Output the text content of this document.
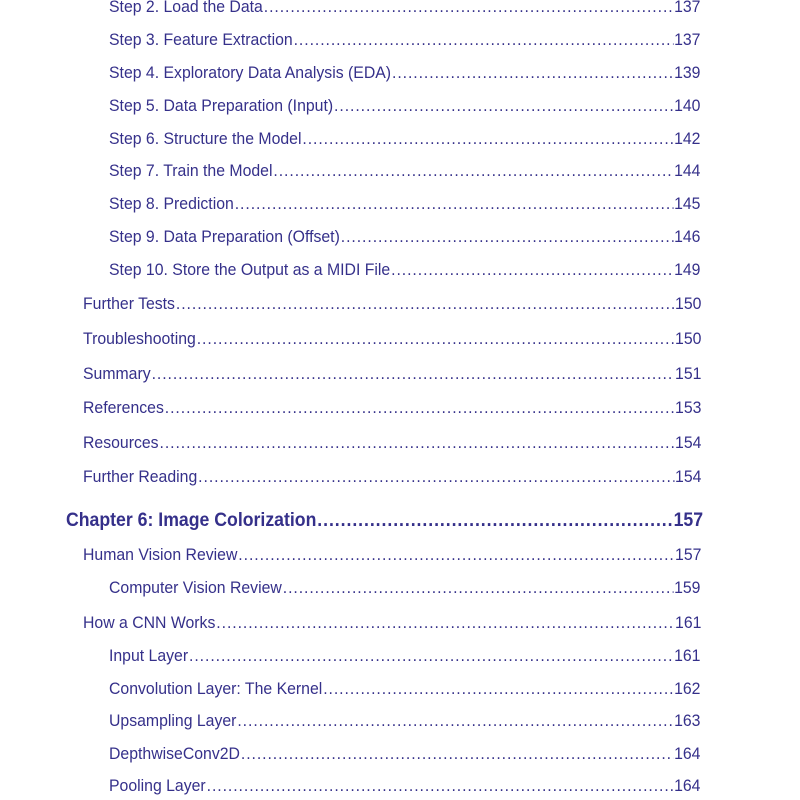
Step 2. Load the Data .....	137
Step 3. Feature Extraction .....	137
Step 4. Exploratory Data Analysis (EDA) .....	139
Step 5. Data Preparation (Input) .....	140
Step 6. Structure the Model .....	142
Step 7. Train the Model .....	144
Step 8. Prediction .....	145
Step 9. Data Preparation (Offset) .....	146
Step 10. Store the Output as a MIDI File .....	149
Further Tests .....	150
Troubleshooting .....	150
Summary .....	151
References .....	153
Resources .....	154
Further Reading .....	154
Chapter 6: Image Colorization .....	157
Human Vision Review .....	157
Computer Vision Review .....	159
How a CNN Works .....	161
Input Layer .....	161
Convolution Layer: The Kernel .....	162
Upsampling Layer .....	163
DepthwiseConv2D .....	164
Pooling Layer .....	164
